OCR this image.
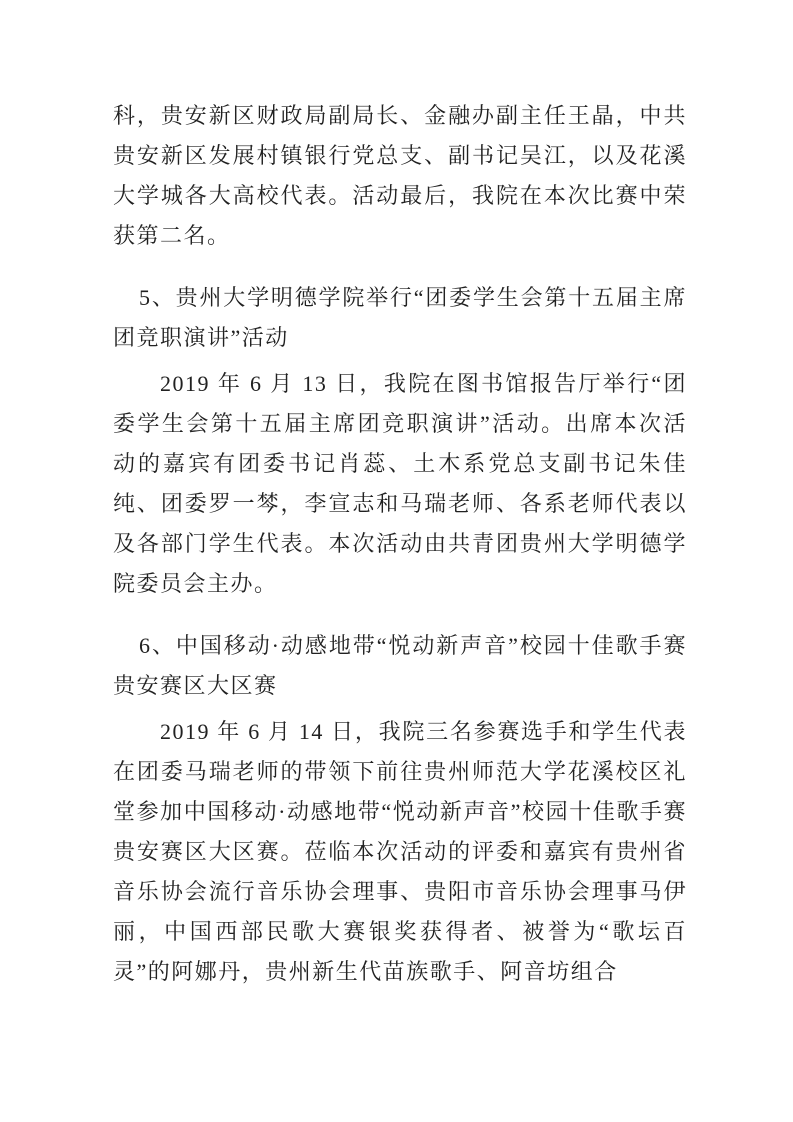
科，贵安新区财政局副局长、金融办副主任王晶，中共贵安新区发展村镇银行党总支、副书记吴江，以及花溪大学城各大高校代表。活动最后，我院在本次比赛中荣获第二名。

5、贵州大学明德学院举行“团委学生会第十五届主席团竞职演讲”活动

2019 年 6 月 13 日，我院在图书馆报告厅举行“团委学生会第十五届主席团竞职演讲”活动。出席本次活动的嘉宾有团委书记肖蕊、土木系党总支副书记朱佳纯、团委罗一棽，李宣志和马瑞老师、各系老师代表以及各部门学生代表。本次活动由共青团贵州大学明德学院委员会主办。

6、中国移动·动感地带“悦动新声音”校园十佳歌手赛贵安赛区大区赛

2019 年 6 月 14 日，我院三名参赛选手和学生代表在团委马瑞老师的带领下前往贵州师范大学花溪校区礼堂参加中国移动·动感地带“悦动新声音”校园十佳歌手赛贵安赛区大区赛。莅临本次活动的评委和嘉宾有贵州省音乐协会流行音乐协会理事、贵阳市音乐协会理事马伊丽，中国西部民歌大赛银奖获得者、被誉为“歌坛百灵”的阿娜丹，贵州新生代苗族歌手、阿音坊组合
